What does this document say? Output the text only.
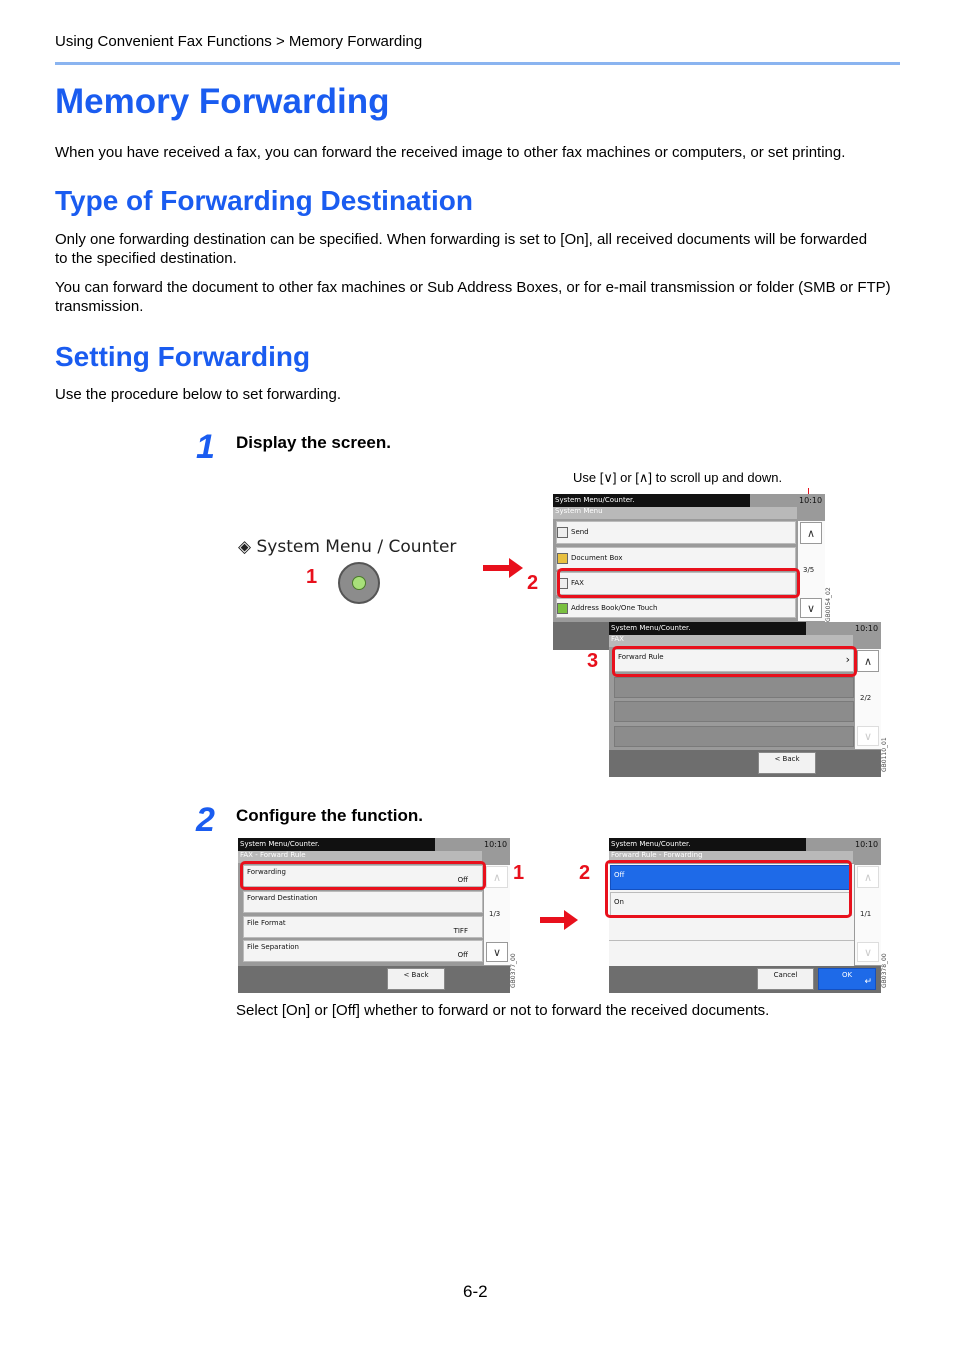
Using Convenient Fax Functions > Memory Forwarding
Memory Forwarding
When you have received a fax, you can forward the received image to other fax machines or computers, or set printing.
Type of Forwarding Destination
Only one forwarding destination can be specified. When forwarding is set to [On], all received documents will be forwarded to the specified destination.
You can forward the document to other fax machines or Sub Address Boxes, or for e-mail transmission or folder (SMB or FTP) transmission.
Setting Forwarding
Use the procedure below to set forwarding.
1 Display the screen.
Use [∨] or [∧] to scroll up and down.
◈ System Menu / Counter
1	2
System Menu/Counter.	10:10
System Menu
Send
Document Box
FAX
Address Book/One Touch
∧
∨
3/5
GB0054_02
System Menu/Counter.	10:10
FAX
Forward Rule	› ∧
∨
2/2
< Back	GB0110_01
3
2 Configure the function.
System Menu/Counter.	10:10
FAX - Forward Rule
Forwarding
Off
Forward Destination
File Format
TIFF
File Separation
Off
∧
∨
1/3
< Back	GB0377_00
1	2
System Menu/Counter.	10:10
Forward Rule - Forwarding
Off
On
∧
∨
1/1
Cancel	OK
↵ GB0378_00
Select [On] or [Off] whether to forward or not to forward the received documents.
6-2
